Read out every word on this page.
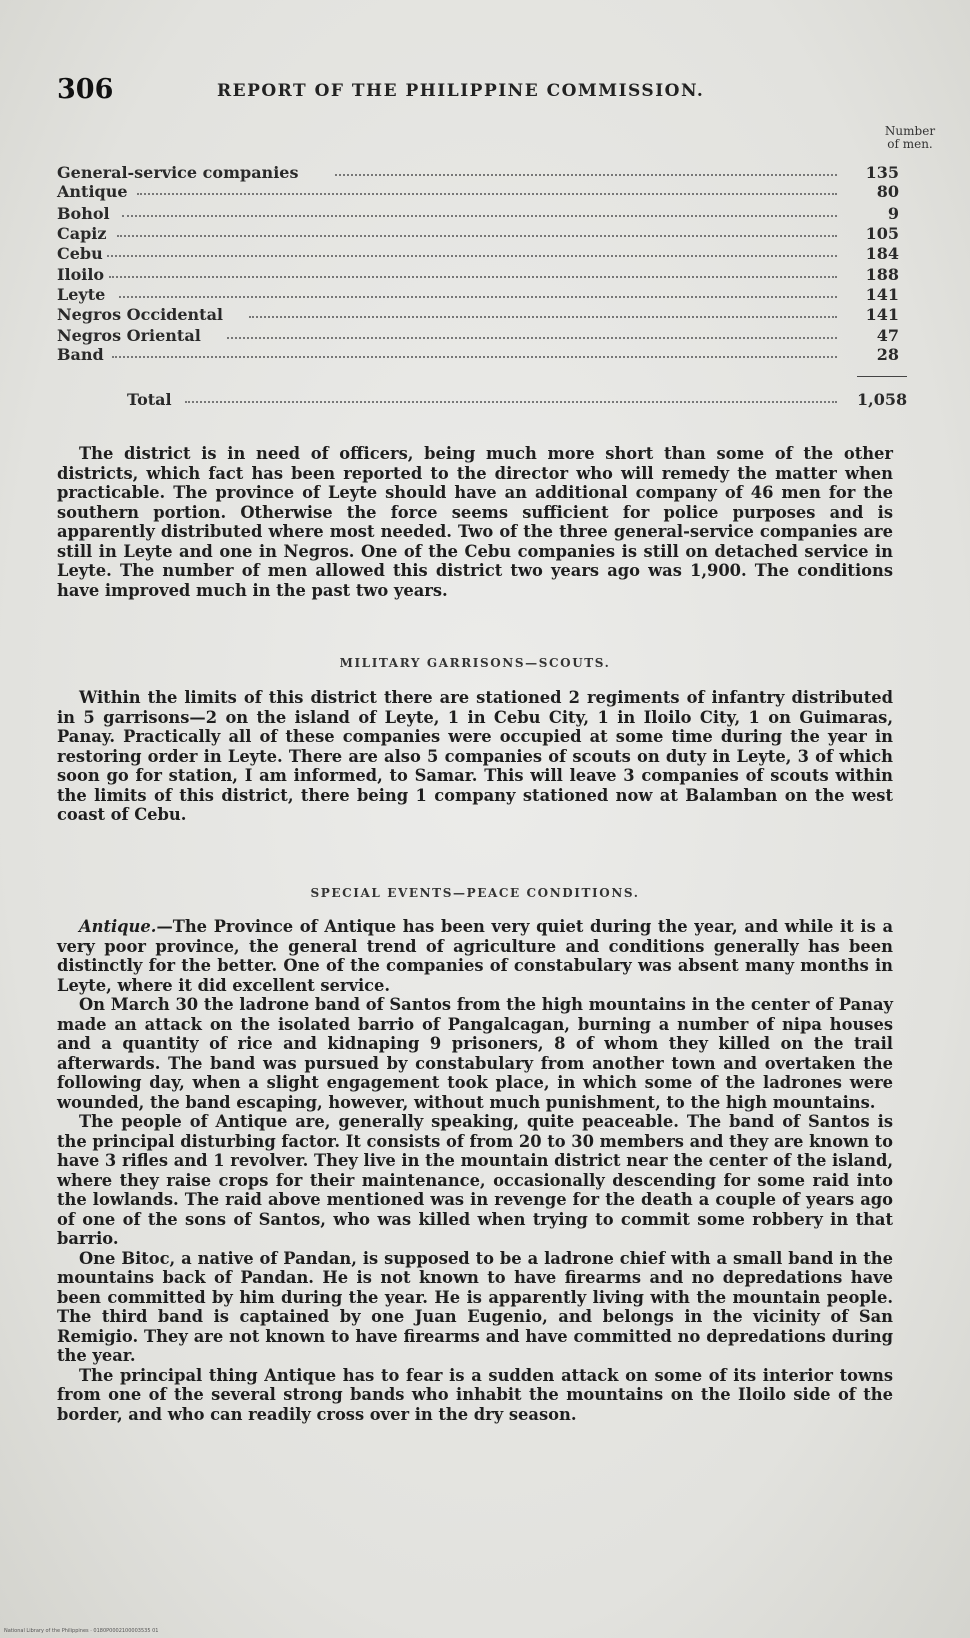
306	REPORT OF THE PHILIPPINE COMMISSION.
Number
of men.
General-service companies	135
Antique	80
Bohol	9
Capiz	105
Cebu	184
Iloilo	188
Leyte	141
Negros Occidental	141
Negros Oriental	47
Band	28
Total	1,058

The district is in need of officers, being much more short than some of the other districts, which fact has been reported to the director who will remedy the matter when practicable. The province of Leyte should have an additional company of 46 men for the southern portion. Otherwise the force seems sufficient for police purposes and is apparently distributed where most needed. Two of the three general-service companies are still in Leyte and one in Negros. One of the Cebu companies is still on detached service in Leyte. The number of men allowed this district two years ago was 1,900. The conditions have improved much in the past two years.

MILITARY GARRISONS—SCOUTS.

Within the limits of this district there are stationed 2 regiments of infantry distributed in 5 garrisons—2 on the island of Leyte, 1 in Cebu City, 1 in Iloilo City, 1 on Guimaras, Panay. Practically all of these companies were occupied at some time during the year in restoring order in Leyte. There are also 5 companies of scouts on duty in Leyte, 3 of which soon go for station, I am informed, to Samar. This will leave 3 companies of scouts within the limits of this district, there being 1 company stationed now at Balamban on the west coast of Cebu.

SPECIAL EVENTS—PEACE CONDITIONS.

Antique.—The Province of Antique has been very quiet during the year, and while it is a very poor province, the general trend of agriculture and conditions generally has been distinctly for the better. One of the companies of constabulary was absent many months in Leyte, where it did excellent service.

On March 30 the ladrone band of Santos from the high mountains in the center of Panay made an attack on the isolated barrio of Pangalcagan, burning a number of nipa houses and a quantity of rice and kidnaping 9 prisoners, 8 of whom they killed on the trail afterwards. The band was pursued by constabulary from another town and overtaken the following day, when a slight engagement took place, in which some of the ladrones were wounded, the band escaping, however, without much punishment, to the high mountains.

The people of Antique are, generally speaking, quite peaceable. The band of Santos is the principal disturbing factor. It consists of from 20 to 30 members and they are known to have 3 rifles and 1 revolver. They live in the mountain district near the center of the island, where they raise crops for their maintenance, occasionally descending for some raid into the lowlands. The raid above mentioned was in revenge for the death a couple of years ago of one of the sons of Santos, who was killed when trying to commit some robbery in that barrio.

One Bitoc, a native of Pandan, is supposed to be a ladrone chief with a small band in the mountains back of Pandan. He is not known to have firearms and no depredations have been committed by him during the year. He is apparently living with the mountain people. The third band is captained by one Juan Eugenio, and belongs in the vicinity of San Remigio. They are not known to have firearms and have committed no depredations during the year.

The principal thing Antique has to fear is a sudden attack on some of its interior towns from one of the several strong bands who inhabit the mountains on the Iloilo side of the border, and who can readily cross over in the dry season.

National Library of the Philippines · 0180P0002100003535 01
